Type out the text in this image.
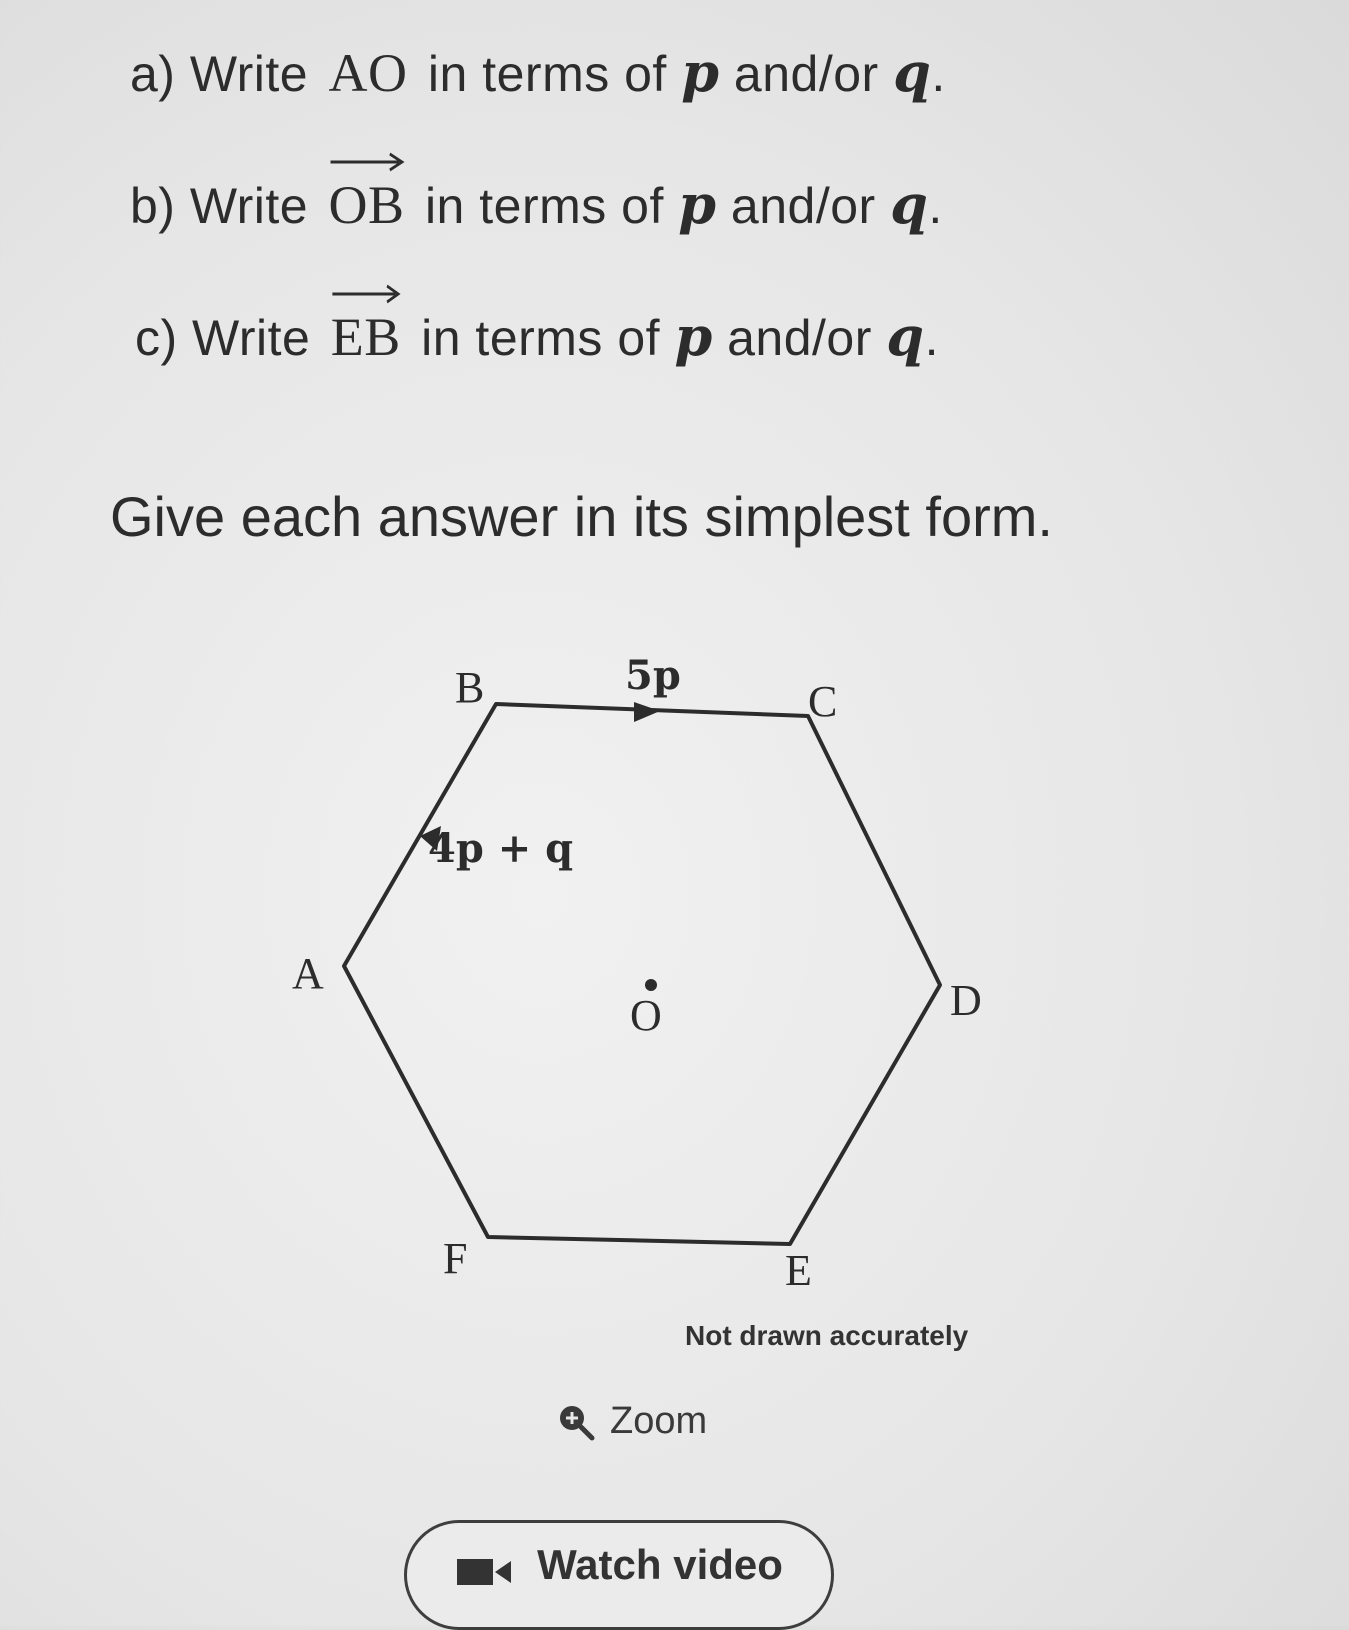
a) Write AO in terms of p and/or q.
b) Write OB in terms of p and/or q.
c) Write EB in terms of p and/or q.
Give each answer in its simplest form.
B	C
A
D
E
F
O
5p
4p + q
Not drawn accurately
Zoom
Watch video
